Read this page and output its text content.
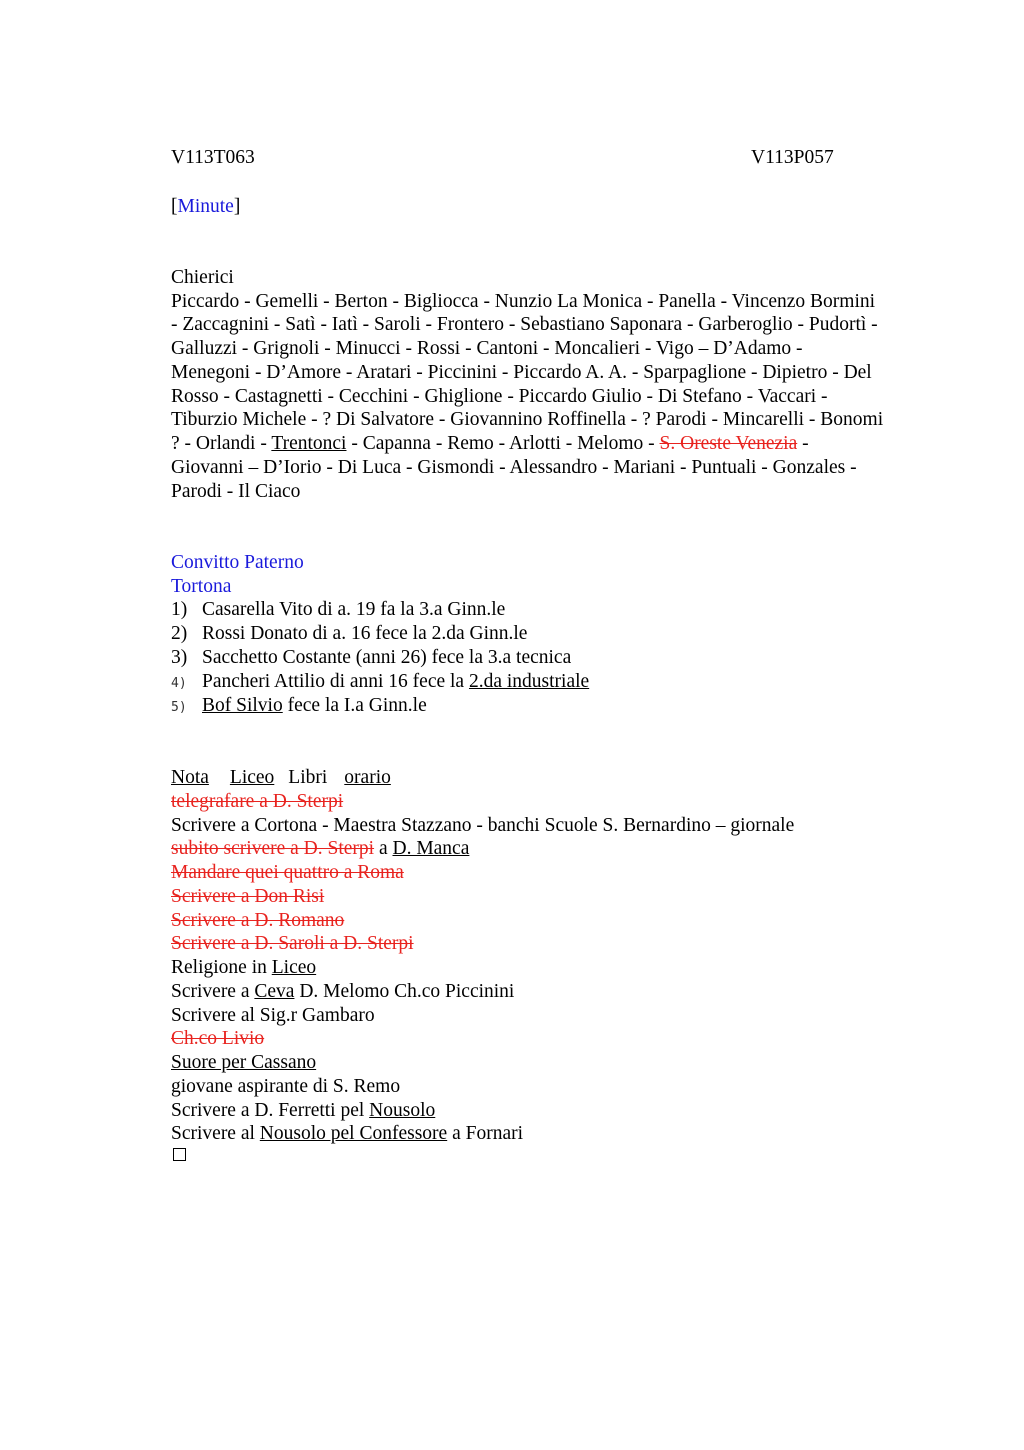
V113T063	V113P057
[Minute]
Chierici
Piccardo - Gemelli - Berton - Bigliocca - Nunzio La Monica - Panella - Vincenzo Bormini
- Zaccagnini - Satì - Iatì - Saroli - Frontero - Sebastiano Saponara - Garberoglio - Pudortì -
Galluzzi - Grignoli - Minucci - Rossi - Cantoni - Moncalieri - Vigo – D’Adamo -
Menegoni - D’Amore - Aratari - Piccinini - Piccardo A. A. - Sparpaglione - Dipietro - Del
Rosso - Castagnetti - Cecchini - Ghiglione - Piccardo Giulio - Di Stefano - Vaccari -
Tiburzio Michele - ? Di Salvatore - Giovannino Roffinella - ? Parodi - Mincarelli - Bonomi
? - Orlandi - Trentonci - Capanna - Remo - Arlotti - Melomo - S. Oreste Venezia -
Giovanni – D’Iorio - Di Luca - Gismondi - Alessandro - Mariani - Puntuali - Gonzales -
Parodi - Il Ciaco
Convitto Paterno
Tortona
1) Casarella Vito di a. 19 fa la 3.a Ginn.le
2) Rossi Donato di a. 16 fece la 2.da Ginn.le
3) Sacchetto Costante (anni 26) fece la 3.a tecnica
4) Pancheri Attilio di anni 16 fece la 2.da industriale
5) Bof Silvio fece la I.a Ginn.le
Nota Liceo Libri orario
telegrafare a D. Sterpi
Scrivere a Cortona - Maestra Stazzano - banchi Scuole S. Bernardino – giornale
subito scrivere a D. Sterpi a D. Manca
Mandare quei quattro a Roma
Scrivere a Don Risi
Scrivere a D. Romano
Scrivere a D. Saroli a D. Sterpi
Religione in Liceo
Scrivere a Ceva D. Melomo Ch.co Piccinini
Scrivere al Sig.r Gambaro
Ch.co Livio
Suore per Cassano
giovane aspirante di S. Remo
Scrivere a D. Ferretti pel Nousolo
Scrivere al Nousolo pel Confessore a Fornari
